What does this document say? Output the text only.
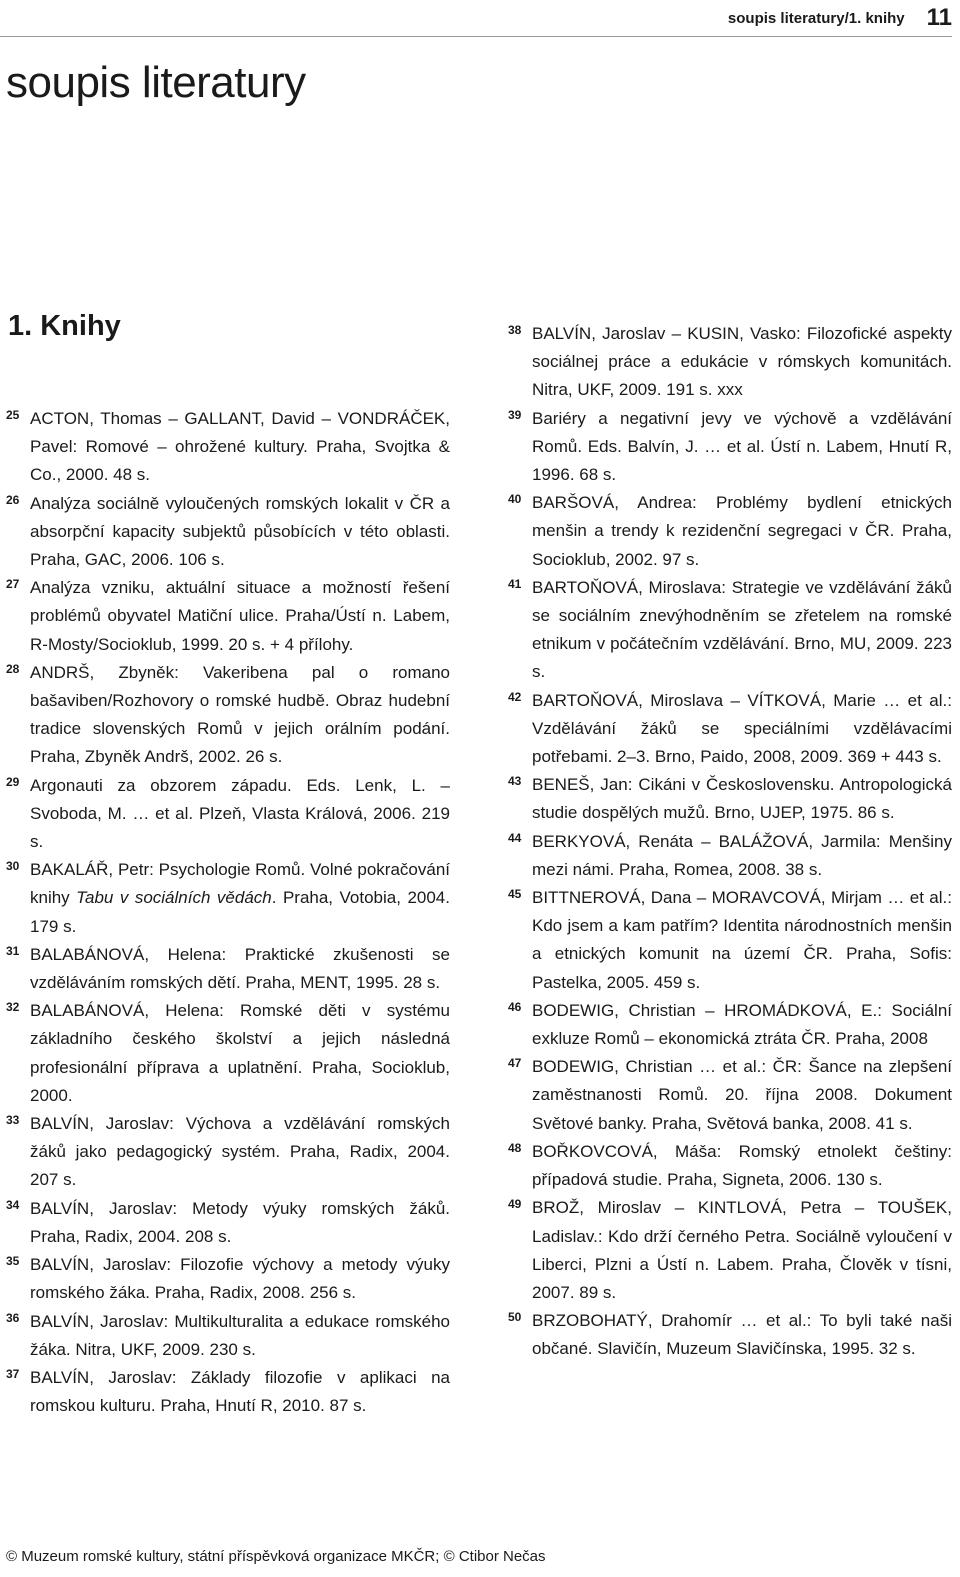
soupis literatury/1. knihy 11
soupis literatury
1. Knihy
25 ACTON, Thomas – GALLANT, David – VONDRÁČEK, Pavel: Romové – ohrožené kultury. Praha, Svojtka & Co., 2000. 48 s.
26 Analýza sociálně vyloučených romských lokalit v ČR a absorpční kapacity subjektů působících v této oblasti. Praha, GAC, 2006. 106 s.
27 Analýza vzniku, aktuální situace a možností řešení problémů obyvatel Matiční ulice. Praha/Ústí n. Labem, R-Mosty/Socioklub, 1999. 20 s. + 4 přílohy.
28 ANDRŠ, Zbyněk: Vakeribena pal o romano bašaviben/Rozhovory o romské hudbě. Obraz hudební tradice slovenských Romů v jejich orálním podání. Praha, Zbyněk Andrš, 2002. 26 s.
29 Argonauti za obzorem západu. Eds. Lenk, L. – Svoboda, M. … et al. Plzeň, Vlasta Králová, 2006. 219 s.
30 BAKALÁŘ, Petr: Psychologie Romů. Volné pokračování knihy Tabu v sociálních vědách. Praha, Votobia, 2004. 179 s.
31 BALABÁNOVÁ, Helena: Praktické zkušenosti se vzděláváním romských dětí. Praha, MENT, 1995. 28 s.
32 BALABÁNOVÁ, Helena: Romské děti v systému základního českého školství a jejich následná profesionální příprava a uplatnění. Praha, Socioklub, 2000.
33 BALVÍN, Jaroslav: Výchova a vzdělávání romských žáků jako pedagogický systém. Praha, Radix, 2004. 207 s.
34 BALVÍN, Jaroslav: Metody výuky romských žáků. Praha, Radix, 2004. 208 s.
35 BALVÍN, Jaroslav: Filozofie výchovy a metody výuky romského žáka. Praha, Radix, 2008. 256 s.
36 BALVÍN, Jaroslav: Multikulturalita a edukace romského žáka. Nitra, UKF, 2009. 230 s.
37 BALVÍN, Jaroslav: Základy filozofie v aplikaci na romskou kulturu. Praha, Hnutí R, 2010. 87 s.
38 BALVÍN, Jaroslav – KUSIN, Vasko: Filozofické aspekty sociálnej práce a edukácie v rómskych komunitách. Nitra, UKF, 2009. 191 s. xxx
39 Bariéry a negativní jevy ve výchově a vzdělávání Romů. Eds. Balvín, J. … et al. Ústí n. Labem, Hnutí R, 1996. 68 s.
40 BARŠOVÁ, Andrea: Problémy bydlení etnických menšin a trendy k rezidenční segregaci v ČR. Praha, Socioklub, 2002. 97 s.
41 BARTOŇOVÁ, Miroslava: Strategie ve vzdělávání žáků se sociálním znevýhodněním se zřetelem na romské etnikum v počátečním vzdělávání. Brno, MU, 2009. 223 s.
42 BARTOŇOVÁ, Miroslava – VÍTKOVÁ, Marie … et al.: Vzdělávání žáků se speciálními vzdělávacími potřebami. 2–3. Brno, Paido, 2008, 2009. 369 + 443 s.
43 BENEŠ, Jan: Cikáni v Československu. Antropologická studie dospělých mužů. Brno, UJEP, 1975. 86 s.
44 BERKYOVÁ, Renáta – BALÁŽOVÁ, Jarmila: Menšiny mezi námi. Praha, Romea, 2008. 38 s.
45 BITTNEROVÁ, Dana – MORAVCOVÁ, Mirjam … et al.: Kdo jsem a kam patřím? Identita národnostních menšin a etnických komunit na území ČR. Praha, Sofis: Pastelka, 2005. 459 s.
46 BODEWIG, Christian – HROMÁDKOVÁ, E.: Sociální exkluze Romů – ekonomická ztráta ČR. Praha, 2008
47 BODEWIG, Christian … et al.: ČR: Šance na zlepšení zaměstnanosti Romů. 20. října 2008. Dokument Světové banky. Praha, Světová banka, 2008. 41 s.
48 BOŘKOVCOVÁ, Máša: Romský etnolekt češtiny: případová studie. Praha, Signeta, 2006. 130 s.
49 BROŽ, Miroslav – KINTLOVÁ, Petra – TOUŠEK, Ladislav.: Kdo drží černého Petra. Sociálně vyloučení v Liberci, Plzni a Ústí n. Labem. Praha, Člověk v tísni, 2007. 89 s.
50 BRZOBOHATÝ, Drahomír … et al.: To byli také naši občané. Slavičín, Muzeum Slavičínska, 1995. 32 s.
© Muzeum romské kultury, státní příspěvková organizace MKČR; © Ctibor Nečas
